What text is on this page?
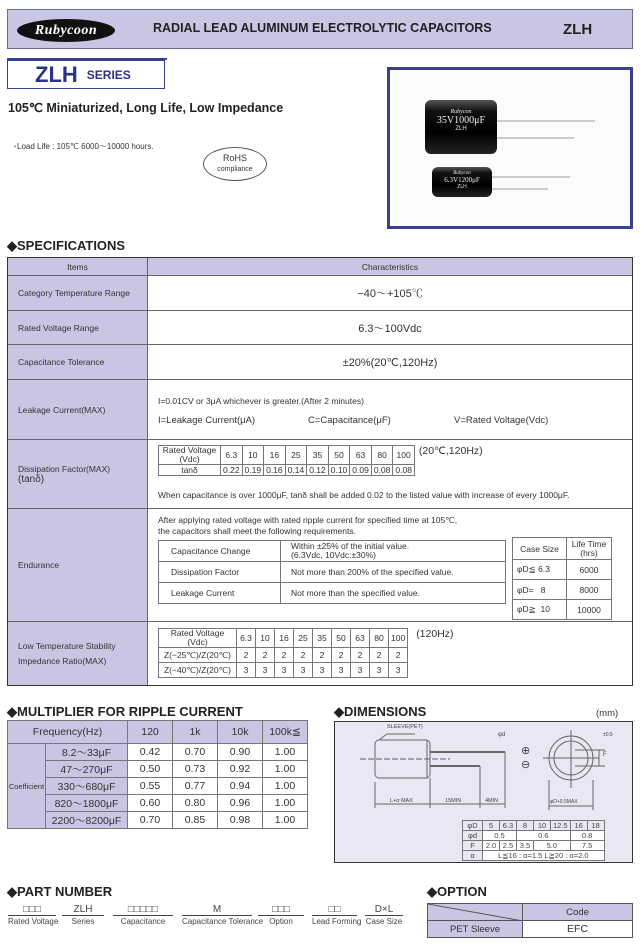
Rubycoon	RADIAL LEAD ALUMINUM ELECTROLYTIC CAPACITORS	ZLH
ZLH SERIES
105℃ Miniaturized, Long Life, Low Impedance
･Load Life : 105℃ 6000～10000 hours.
RoHS
compliance
Rubycon
35V1000μF
ZLH
Rubycon
6.3V1200μF
ZLH
◆SPECIFICATIONS
Items	Characteristics
Category Temperature Range	−40～+105℃
Rated Voltage Range	6.3～100Vdc
Capacitance Tolerance	±20%(20℃,120Hz)
Leakage Current(MAX)
I=0.01CV or 3μA whichever is greater.(After 2 minutes)
I=Leakage Current(μA)	C=Capacitance(μF)	V=Rated Voltage(Vdc)
Dissipation Factor(MAX)
(tanδ)
Rated Voltage (Vdc)	6.3	10	16	25	35	50	63	80	100
tanδ	0.22	0.19	0.16	0.14	0.12	0.10	0.09	0.08	0.08
(20℃,120Hz)
When capacitance is over 1000μF, tanδ shall be added 0.02 to the listed value with increase of every 1000μF.
Endurance
After applying rated voltage with rated ripple current for specified time at 105℃,
the capacitors shall meet the following requirements.
Capacitance Change	Within ±25% of the initial value.
(6.3Vdc, 10Vdc:±30%)

Dissipation Factor	Not more than 200% of the specified value.

Leakage Current	Not more than the specified value.
Case Size	Life Time (hrs)
φD≦ 6.3	6000
φD=   8	8000
φD≧  10	10000
Low Temperature Stability
Impedance Ratio(MAX)
Rated Voltage (Vdc)	6.3	10	16	25	35	50	63	80	100
Z(−25℃)/Z(20℃)	2	2	2	2	2	2	2	2	2
Z(−40℃)/Z(20℃)	3	3	3	3	3	3	3	3	3
(120Hz)
◆MULTIPLIER FOR RIPPLE CURRENT
Frequency(Hz)		120	1k	10k	100k≦
Coefficient	8.2～33μF	0.42	0.70	0.90	1.00
	47～270μF	0.50	0.73	0.92	1.00
	330～680μF	0.55	0.77	0.94	1.00
	820～1800μF	0.60	0.80	0.96	1.00
	2200～8200μF	0.70	0.85	0.98	1.00
◆DIMENSIONS	(mm)
SLEEVE(PET)
φd
⊕
⊖
L+α MAX	15MIN	4MIN	φD+0.5MAX
F
±0.5
φD	5	6.3	8	10	12.5	16	18
φd	0.5		0.6			0.8	
F	2.0	2.5	3.5	5.0		7.5	
α	L≦16 : α=1.5 L≧20 : α=2.0						
◆PART NUMBER
□□□
Rated Voltage
ZLH
Series
□□□□□
Capacitance
M
Capacitance Tolerance
□□□
Option
□□
Lead Forming
D×L
Case Size
◆OPTION
	Code
PET Sleeve	EFC
